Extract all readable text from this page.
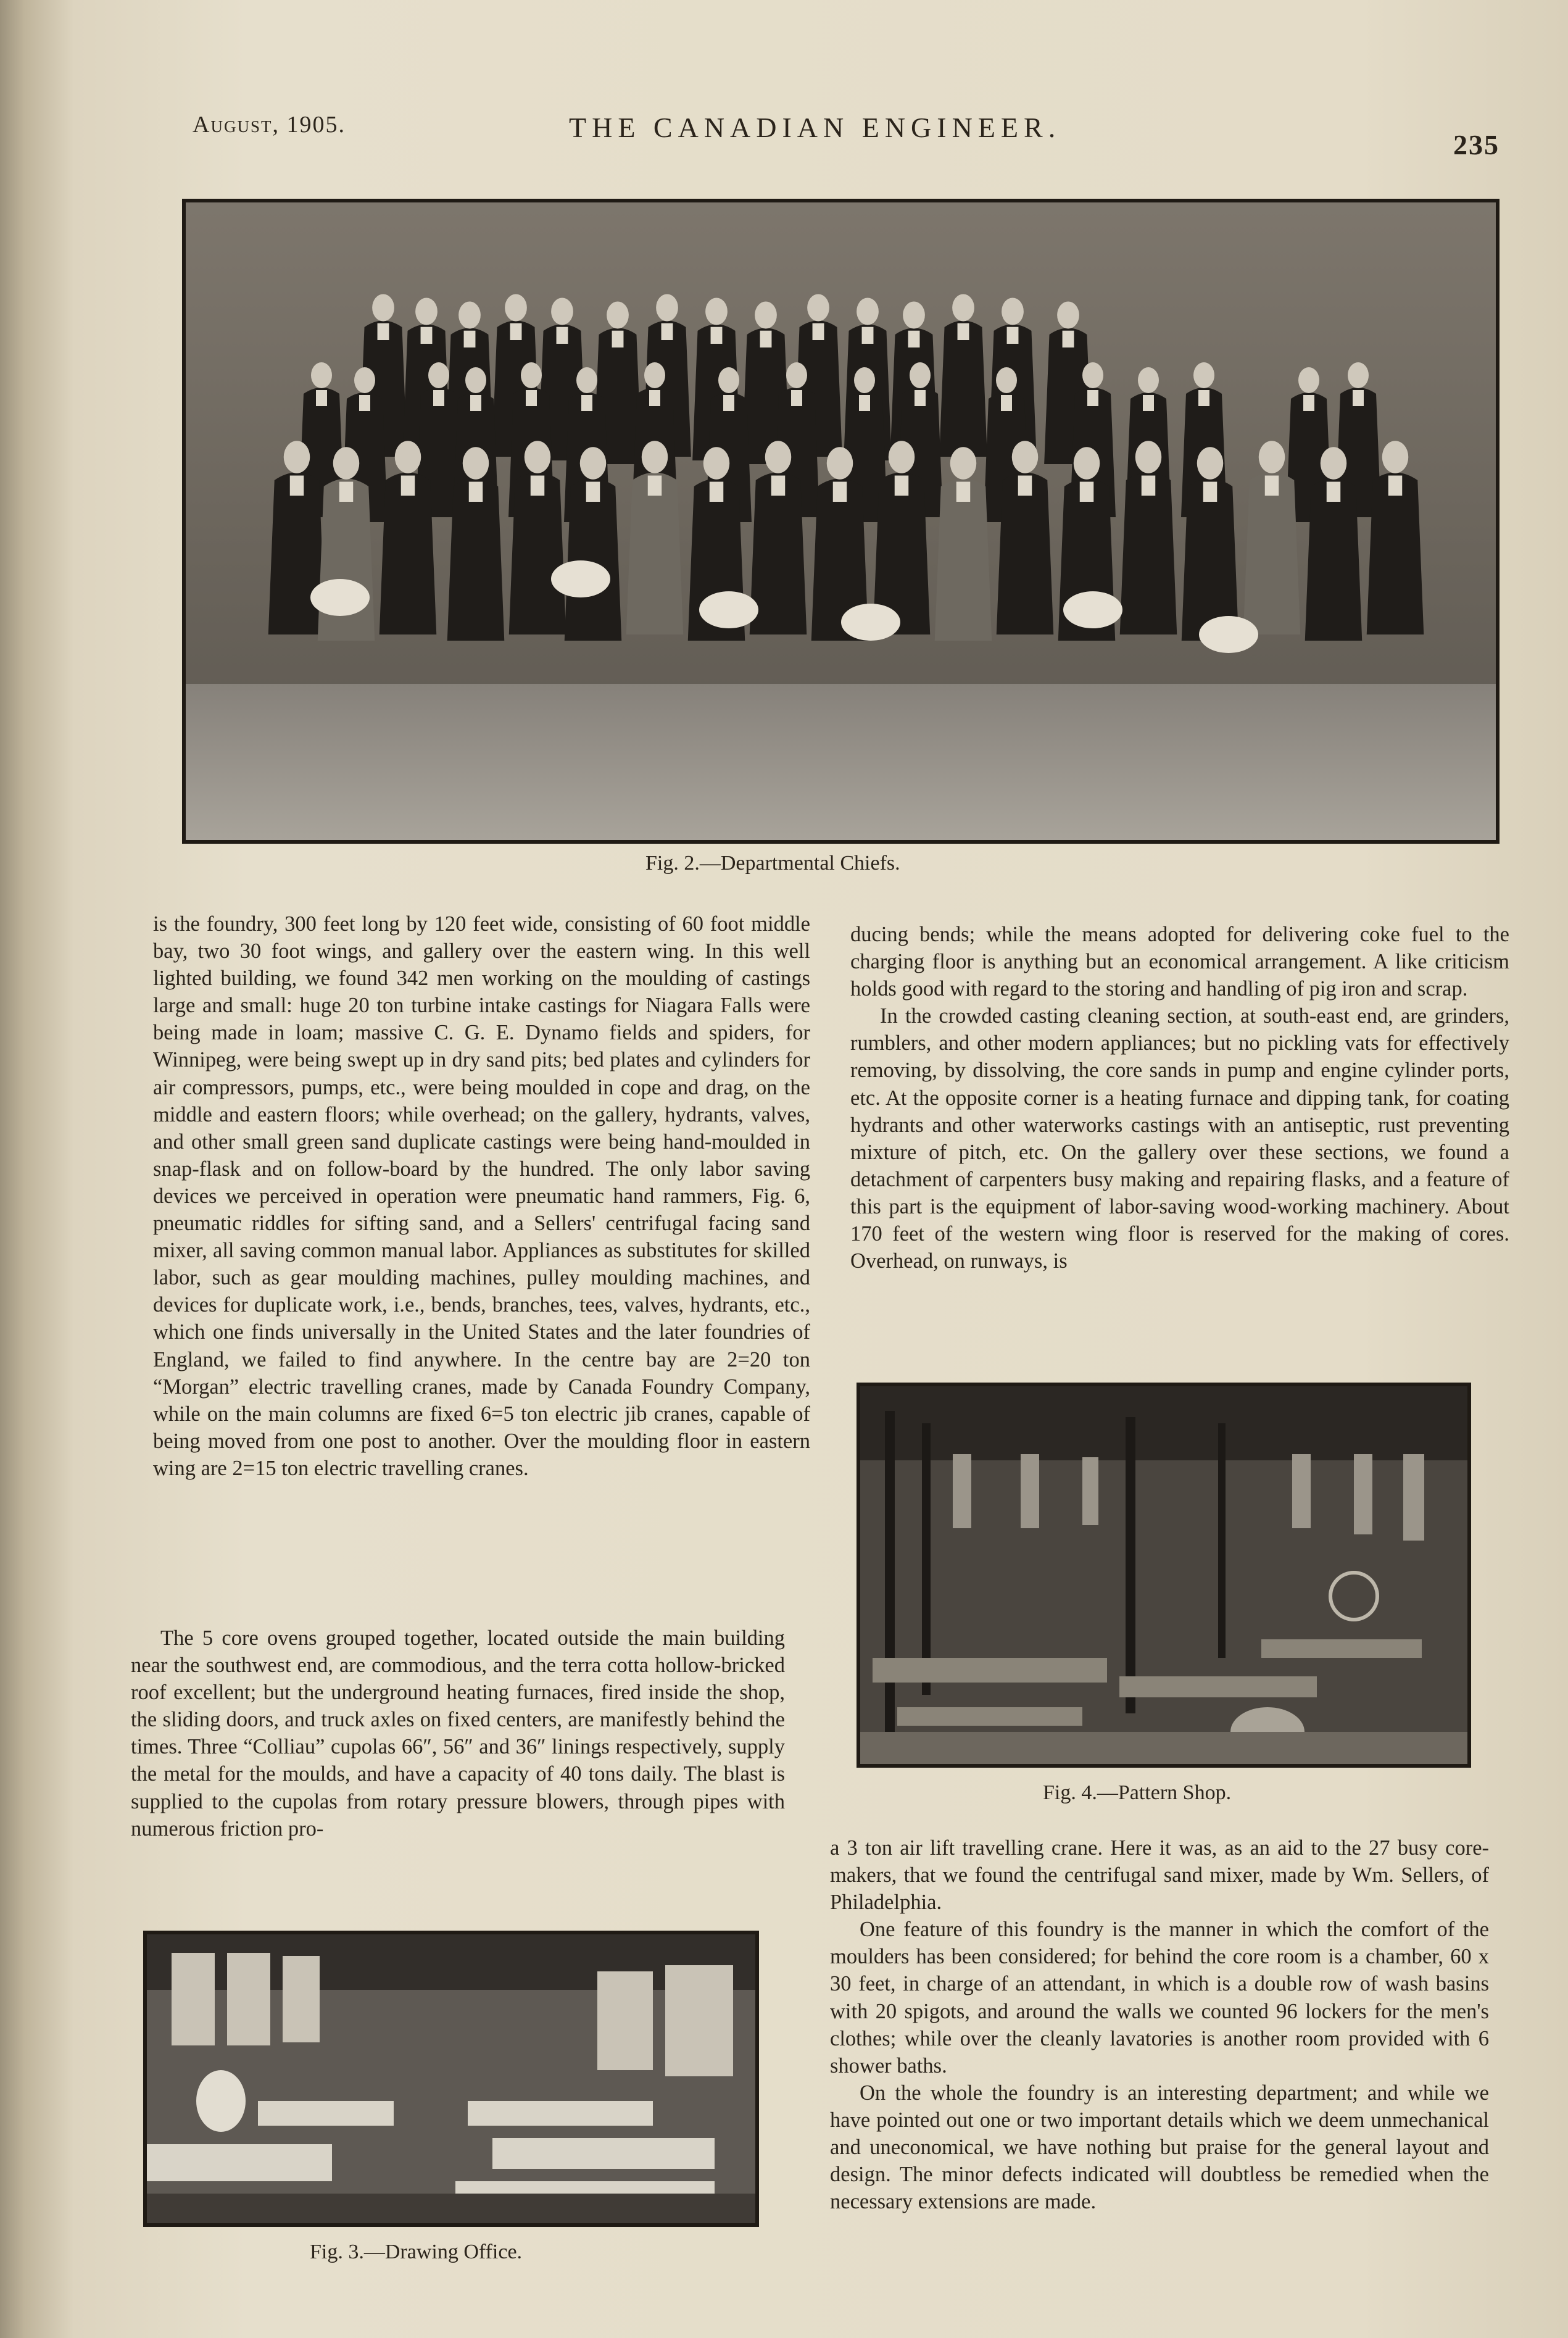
August, 1905.	THE CANADIAN ENGINEER.
235
Fig. 2.—Departmental Chiefs.

is the foundry, 300 feet long by 120 feet wide, consisting of 60 foot middle bay, two 30 foot wings, and gallery over the eastern wing. In this well lighted building, we found 342 men working on the moulding of castings large and small: huge 20 ton turbine intake castings for Niagara Falls were being made in loam; massive C. G. E. Dynamo fields and spiders, for Winnipeg, were being swept up in dry sand pits; bed plates and cylinders for air compressors, pumps, etc., were being moulded in cope and drag, on the middle and eastern floors; while overhead; on the gallery, hydrants, valves, and other small green sand duplicate castings were being hand-moulded in snap-flask and on follow-board by the hundred. The only labor saving devices we perceived in operation were pneumatic hand rammers, Fig. 6, pneumatic riddles for sifting sand, and a Sellers' centrifugal facing sand mixer, all saving common manual labor. Appliances as substitutes for skilled labor, such as gear moulding machines, pulley moulding machines, and devices for duplicate work, i.e., bends, branches, tees, valves, hydrants, etc., which one finds universally in the United States and the later foundries of England, we failed to find anywhere. In the centre bay are 2=20 ton “Morgan” electric travelling cranes, made by Canada Foundry Company, while on the main columns are fixed 6=5 ton electric jib cranes, capable of being moved from one post to another. Over the moulding floor in eastern wing are 2=15 ton electric travelling cranes.

The 5 core ovens grouped together, located outside the main building near the southwest end, are commodious, and the terra cotta hollow-bricked roof excellent; but the underground heating furnaces, fired inside the shop, the sliding doors, and truck axles on fixed centers, are manifestly behind the times. Three “Colliau” cupolas 66″, 56″ and 36″ linings respectively, supply the metal for the moulds, and have a capacity of 40 tons daily. The blast is supplied to the cupolas from rotary pressure blowers, through pipes with numerous friction pro-

ducing bends; while the means adopted for delivering coke fuel to the charging floor is anything but an economical arrangement. A like criticism holds good with regard to the storing and handling of pig iron and scrap.

In the crowded casting cleaning section, at south-east end, are grinders, rumblers, and other modern appliances; but no pickling vats for effectively removing, by dissolving, the core sands in pump and engine cylinder ports, etc. At the opposite corner is a heating furnace and dipping tank, for coating hydrants and other waterworks castings with an antiseptic, rust preventing mixture of pitch, etc. On the gallery over these sections, we found a detachment of carpenters busy making and repairing flasks, and a feature of this part is the equipment of labor-saving wood-working machinery. About 170 feet of the western wing floor is reserved for the making of cores. Overhead, on runways, is

Fig. 4.—Pattern Shop.

a 3 ton air lift travelling crane. Here it was, as an aid to the 27 busy core-makers, that we found the centrifugal sand mixer, made by Wm. Sellers, of Philadelphia.

One feature of this foundry is the manner in which the comfort of the moulders has been considered; for behind the core room is a chamber, 60 x 30 feet, in charge of an attendant, in which is a double row of wash basins with 20 spigots, and around the walls we counted 96 lockers for the men's clothes; while over the cleanly lavatories is another room provided with 6 shower baths.

On the whole the foundry is an interesting department; and while we have pointed out one or two important details which we deem unmechanical and uneconomical, we have nothing but praise for the general layout and design. The minor defects indicated will doubtless be remedied when the necessary extensions are made.

Fig. 3.—Drawing Office.
